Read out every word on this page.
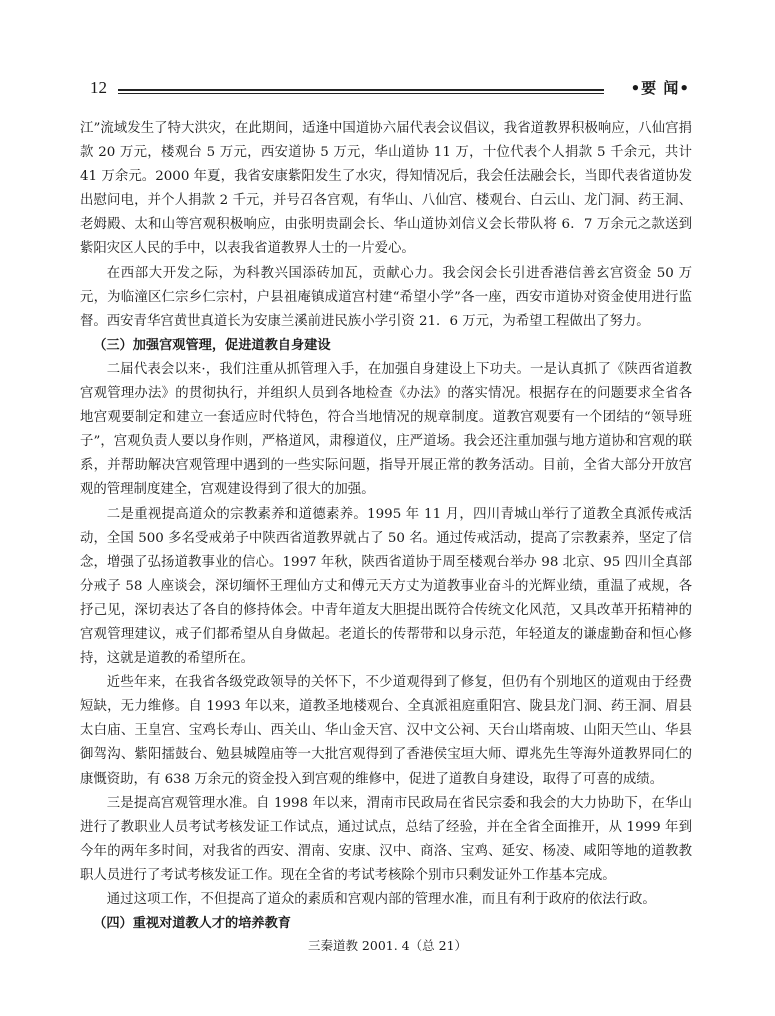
12	•要 闻•

江”流域发生了特大洪灾，在此期间，适逢中国道协六届代表会议倡议，我省道教界积极响应，八仙宫捐款 20 万元，楼观台 5 万元，西安道协 5 万元，华山道协 11 万，十位代表个人捐款 5 千余元，共计 41 万余元。2000 年夏，我省安康紫阳发生了水灾，得知情况后，我会任法融会长，当即代表省道协发出慰问电，并个人捐款 2 千元，并号召各宫观，有华山、八仙宫、楼观台、白云山、龙门洞、药王洞、老姆殿、太和山等宫观积极响应，由张明贵副会长、华山道协刘信义会长带队将 6．7 万余元之款送到紫阳灾区人民的手中，以表我省道教界人士的一片爱心。

在西部大开发之际，为科教兴国添砖加瓦，贡献心力。我会闵会长引进香港信善玄宫资金 50 万元，为临潼区仁宗乡仁宗村，户县祖庵镇成道宫村建“希望小学”各一座，西安市道协对资金使用进行监督。西安青华宫黄世真道长为安康兰溪前进民族小学引资 21．6 万元，为希望工程做出了努力。

（三）加强宫观管理，促进道教自身建设

二届代表会以来·，我们注重从抓管理入手，在加强自身建设上下功夫。一是认真抓了《陕西省道教宫观管理办法》的贯彻执行，并组织人员到各地检查《办法》的落实情况。根据存在的问题要求全省各地宫观要制定和建立一套适应时代特色，符合当地情况的规章制度。道教宫观要有一个团结的“领导班子”，宫观负责人要以身作则，严格道风，肃穆道仪，庄严道场。我会还注重加强与地方道协和宫观的联系，并帮助解决宫观管理中遇到的一些实际问题，指导开展正常的教务活动。目前，全省大部分开放宫观的管理制度建全，宫观建设得到了很大的加强。

二是重视提高道众的宗教素养和道德素养。1995 年 11 月，四川青城山举行了道教全真派传戒活动，全国 500 多名受戒弟子中陕西省道教界就占了 50 名。通过传戒活动，提高了宗教素养，坚定了信念，增强了弘扬道教事业的信心。1997 年秋，陕西省道协于周至楼观台举办 98 北京、95 四川全真部分戒子 58 人座谈会，深切缅怀王理仙方丈和傅元天方丈为道教事业奋斗的光辉业绩，重温了戒规，各抒己见，深切表达了各自的修持体会。中青年道友大胆提出既符合传统文化风范，又具改革开拓精神的宫观管理建议，戒子们都希望从自身做起。老道长的传帮带和以身示范，年轻道友的谦虚勤奋和恒心修持，这就是道教的希望所在。

近些年来，在我省各级党政领导的关怀下，不少道观得到了修复，但仍有个别地区的道观由于经费短缺，无力维修。自 1993 年以来，道教圣地楼观台、全真派祖庭重阳宫、陇县龙门洞、药王洞、眉县太白庙、王皇宫、宝鸡长寿山、西关山、华山金天宫、汉中文公祠、天台山塔南坡、山阳天竺山、华县御驾沟、紫阳擂鼓台、勉县城隍庙等一大批宫观得到了香港侯宝垣大师、谭兆先生等海外道教界同仁的康慨资助，有 638 万余元的资金投入到宫观的维修中，促进了道教自身建设，取得了可喜的成绩。

三是提高宫观管理水准。自 1998 年以来，渭南市民政局在省民宗委和我会的大力协助下，在华山进行了教职业人员考试考核发证工作试点，通过试点，总结了经验，并在全省全面推开，从 1999 年到今年的两年多时间，对我省的西安、渭南、安康、汉中、商洛、宝鸡、延安、杨凌、咸阳等地的道教教职人员进行了考试考核发证工作。现在全省的考试考核除个别市只剩发证外工作基本完成。

通过这项工作，不但提高了道众的素质和宫观内部的管理水准，而且有利于政府的依法行政。

（四）重视对道教人才的培养教育

三秦道教 2001. 4（总 21）
